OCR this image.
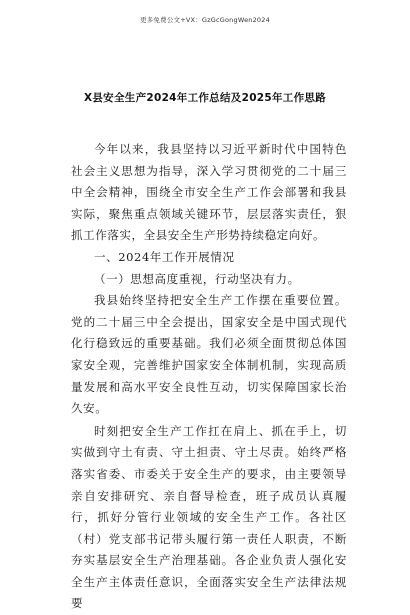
更多免费公文+VX：GzGcGongWen2024
X县安全生产2024年工作总结及2025年工作思路

今年以来，我县坚持以习近平新时代中国特色社会主义思想为指导，深入学习贯彻党的二十届三中全会精神，围绕全市安全生产工作会部署和我县实际，聚焦重点领域关键环节，层层落实责任，狠抓工作落实，全县安全生产形势持续稳定向好。

一、2024年工作开展情况

（一）思想高度重视，行动坚决有力。

我县始终坚持把安全生产工作摆在重要位置。党的二十届三中全会提出，国家安全是中国式现代化行稳致远的重要基础。我们必须全面贯彻总体国家安全观，完善维护国家安全体制机制，实现高质量发展和高水平安全良性互动，切实保障国家长治久安。

时刻把安全生产工作扛在肩上、抓在手上，切实做到守土有责、守土担责、守土尽责。始终严格落实省委、市委关于安全生产的要求，由主要领导亲自安排研究、亲自督导检查，班子成员认真履行，抓好分管行业领域的安全生产工作。各社区（村）党支部书记带头履行第一责任人职责，不断夯实基层安全生产治理基础。各企业负责人强化安全生产主体责任意识，全面落实安全生产法律法规要
